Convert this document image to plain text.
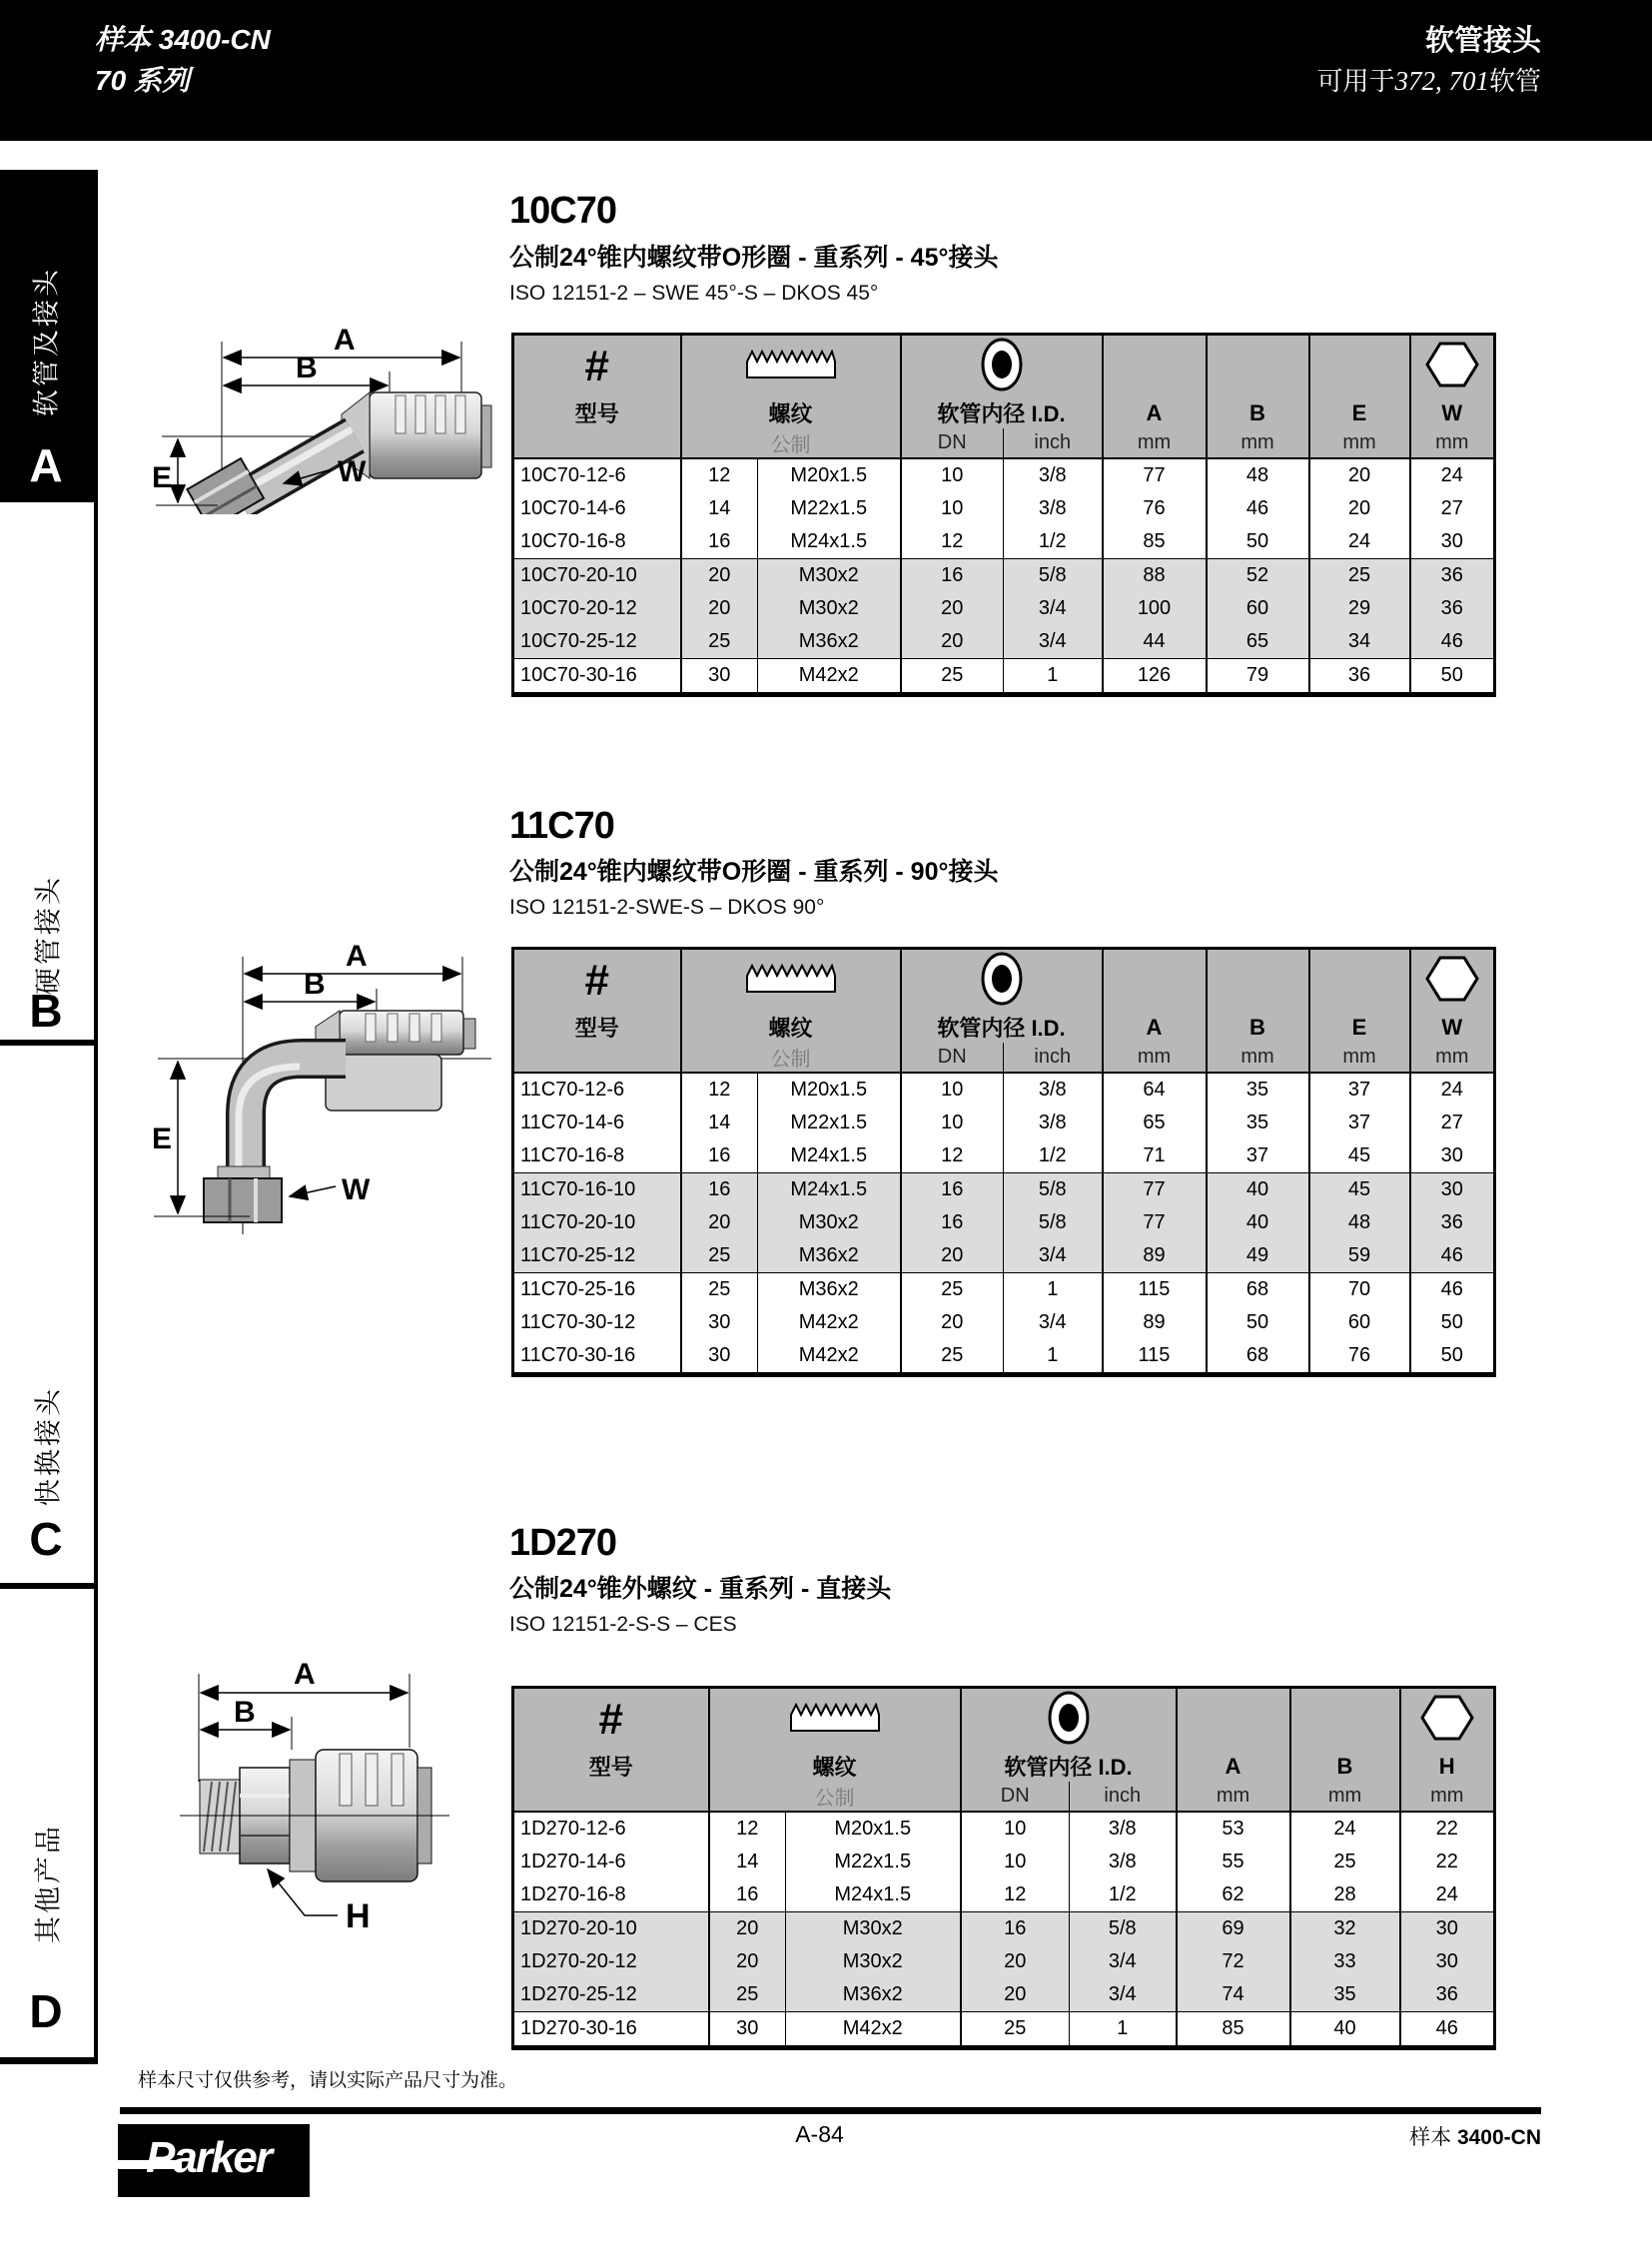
样本 3400-CN
70 系列
软管接头
可用于372, 701软管
软管及接头
A
硬管接头
B
快换接头
C
其他产品
D
10C70
公制24°锥内螺纹带O形圈 - 重系列 - 45°接头
ISO 12151-2 – SWE 45°-S – DKOS 45°
A
B
E	W
#						
型号	螺纹		软管内径 I.D.		A	B	E	W
	公制		DN	inch	mm	mm	mm	mm
10C70-12-6	12	M20x1.5	10	3/8	77	48	20	24
10C70-14-6	14	M22x1.5	10	3/8	76	46	20	27
10C70-16-8	16	M24x1.5	12	1/2	85	50	24	30
10C70-20-10	20	M30x2	16	5/8	88	52	25	36
10C70-20-12	20	M30x2	20	3/4	100	60	29	36
10C70-25-12	25	M36x2	20	3/4	44	65	34	46
10C70-30-16	30	M42x2	25	1	126	79	36	50
11C70
公制24°锥内螺纹带O形圈 - 重系列 - 90°接头
ISO 12151-2-SWE-S – DKOS 90°
A
B
E
W
#						
型号	螺纹		软管内径 I.D.		A	B	E	W
	公制		DN	inch	mm	mm	mm	mm
11C70-12-6	12	M20x1.5	10	3/8	64	35	37	24
11C70-14-6	14	M22x1.5	10	3/8	65	35	37	27
11C70-16-8	16	M24x1.5	12	1/2	71	37	45	30
11C70-16-10	16	M24x1.5	16	5/8	77	40	45	30
11C70-20-10	20	M30x2	16	5/8	77	40	48	36
11C70-25-12	25	M36x2	20	3/4	89	49	59	46
11C70-25-16	25	M36x2	25	1	115	68	70	46
11C70-30-12	30	M42x2	20	3/4	89	50	60	50
11C70-30-16	30	M42x2	25	1	115	68	76	50
1D270
公制24°锥外螺纹 - 重系列 - 直接头
ISO 12151-2-S-S – CES
A
B
H
#					
型号	螺纹		软管内径 I.D.		A	B	H
	公制		DN	inch	mm	mm	mm
1D270-12-6	12	M20x1.5	10	3/8	53	24	22
1D270-14-6	14	M22x1.5	10	3/8	55	25	22
1D270-16-8	16	M24x1.5	12	1/2	62	28	24
1D270-20-10	20	M30x2	16	5/8	69	32	30
1D270-20-12	20	M30x2	20	3/4	72	33	30
1D270-25-12	25	M36x2	20	3/4	74	35	36
1D270-30-16	30	M42x2	25	1	85	40	46
样本尺寸仅供参考，请以实际产品尺寸为准。
A-84	样本 3400-CN
Parker
